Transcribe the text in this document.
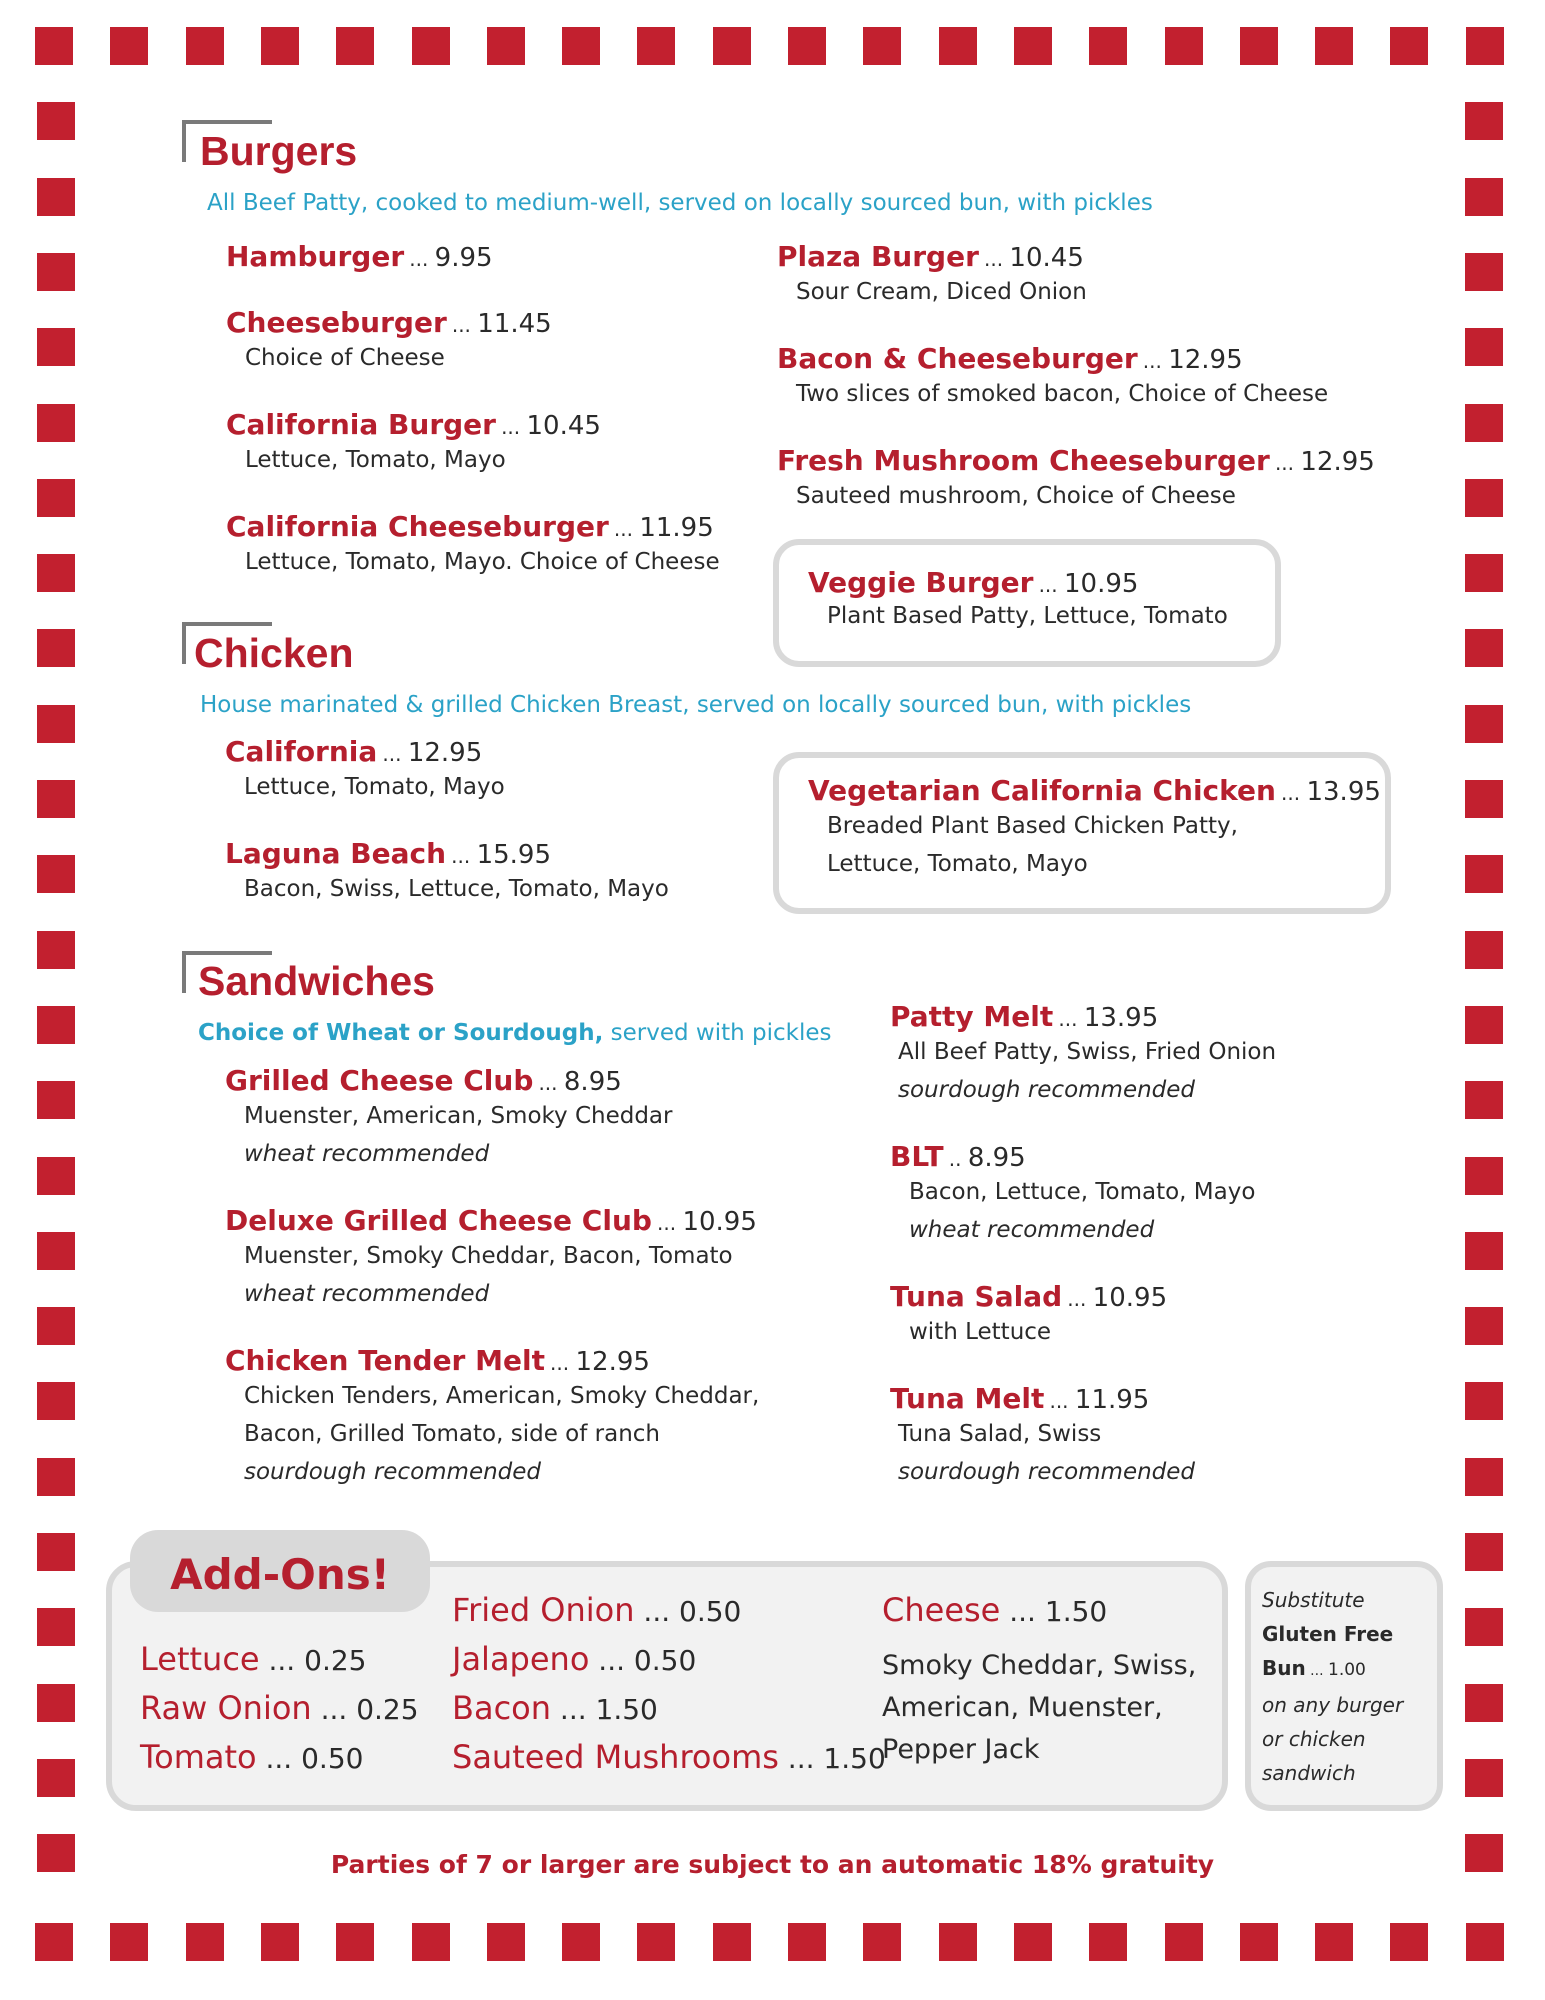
Burgers
All Beef Patty, cooked to medium-well, served on locally sourced bun, with pickles
Hamburger ... 9.95
Cheeseburger ... 11.45
Choice of Cheese
California Burger ... 10.45
Lettuce, Tomato, Mayo
California Cheeseburger ... 11.95
Lettuce, Tomato, Mayo. Choice of Cheese
Plaza Burger ... 10.45
Sour Cream, Diced Onion
Bacon & Cheeseburger ... 12.95
Two slices of smoked bacon, Choice of Cheese
Fresh Mushroom Cheeseburger ... 12.95
Sauteed mushroom, Choice of Cheese
Veggie Burger ... 10.95
Plant Based Patty, Lettuce, Tomato
Chicken
House marinated & grilled Chicken Breast, served on locally sourced bun, with pickles
California ... 12.95
Lettuce, Tomato, Mayo
Laguna Beach ... 15.95
Bacon, Swiss, Lettuce, Tomato, Mayo
Vegetarian California Chicken ... 13.95
Breaded Plant Based Chicken Patty,
Lettuce, Tomato, Mayo
Sandwiches
Choice of Wheat or Sourdough, served with pickles
Grilled Cheese Club ... 8.95
Muenster, American, Smoky Cheddar
wheat recommended
Deluxe Grilled Cheese Club ... 10.95
Muenster, Smoky Cheddar, Bacon, Tomato
wheat recommended
Chicken Tender Melt ... 12.95
Chicken Tenders, American, Smoky Cheddar,
Bacon, Grilled Tomato, side of ranch
sourdough recommended
Patty Melt ... 13.95
All Beef Patty, Swiss, Fried Onion
sourdough recommended
BLT .. 8.95
Bacon, Lettuce, Tomato, Mayo
wheat recommended
Tuna Salad ... 10.95
with Lettuce
Tuna Melt ... 11.95
Tuna Salad, Swiss
sourdough recommended
Add-Ons!
Lettuce ... 0.25
Raw Onion ... 0.25
Tomato ... 0.50
Fried Onion ... 0.50
Jalapeno ... 0.50
Bacon ... 1.50
Sauteed Mushrooms ... 1.50
Cheese ... 1.50
Smoky Cheddar, Swiss,
American, Muenster,
Pepper Jack
Substitute
Gluten Free
Bun ... 1.00
on any burger
or chicken
sandwich
Parties of 7 or larger are subject to an automatic 18% gratuity
